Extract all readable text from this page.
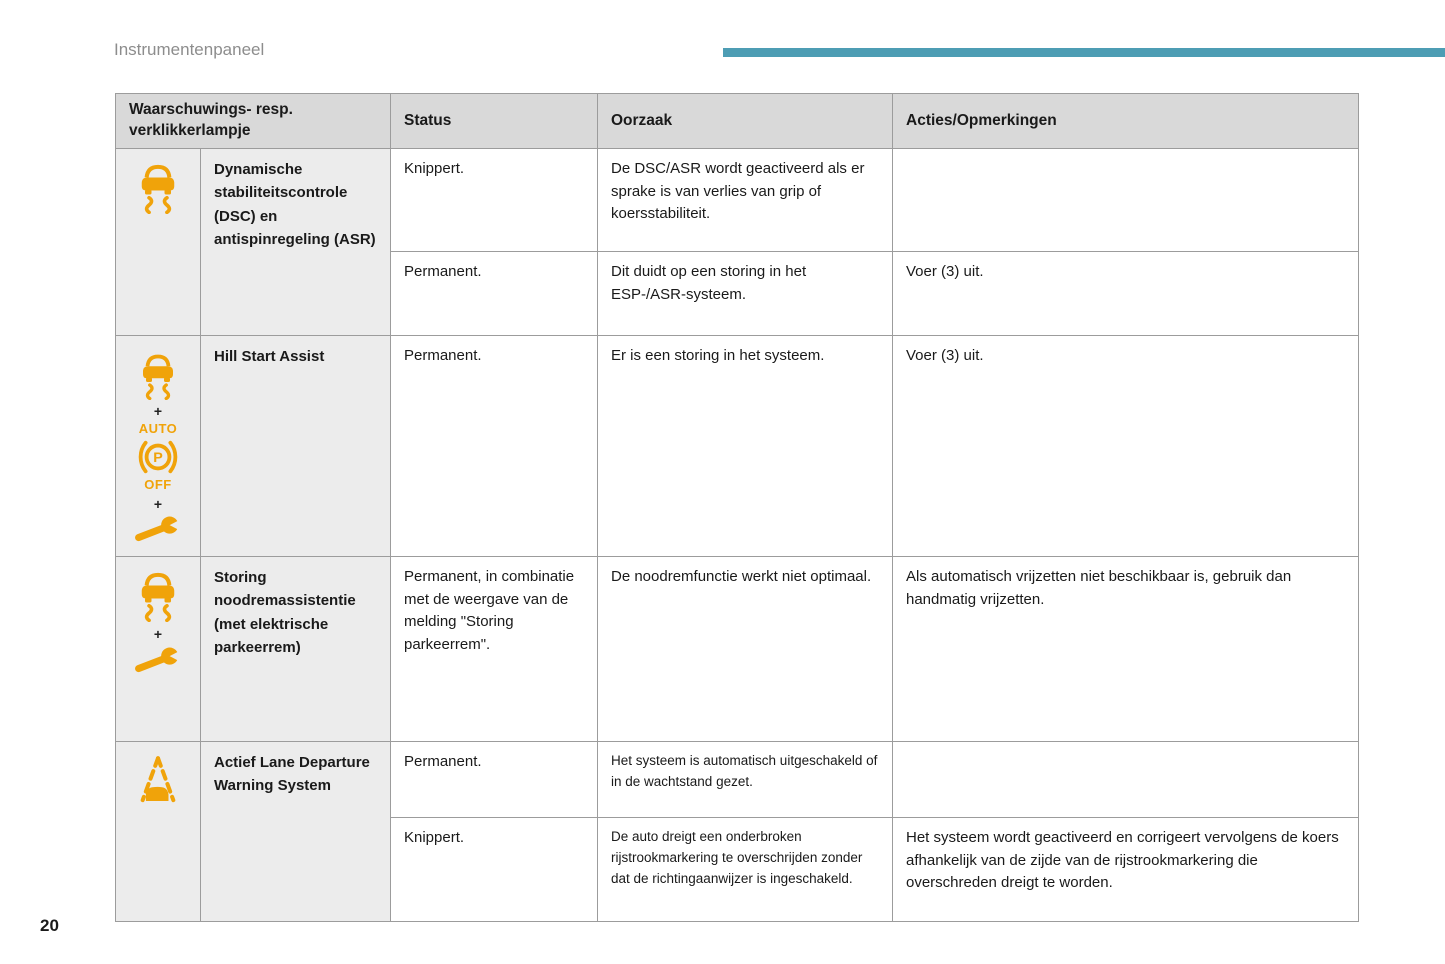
Instrumentenpaneel
Waarschuwings- resp. verklikkerlampje		Status	Oorzaak	Acties/Opmerkingen

	Dynamische stabiliteitscontrole (DSC) en antispinregeling (ASR)	Knippert.	De DSC/ASR wordt geactiveerd als er sprake is van verlies van grip of koersstabiliteit.	
		Permanent.	Dit duidt op een storing in het ESP-/ASR-systeem.	Voer (3) uit.

+
AUTO
P
OFF
+	Hill Start Assist	Permanent.	Er is een storing in het systeem.	Voer (3) uit.

+	Storing noodremassistentie (met elektrische parkeerrem)	Permanent, in combinatie met de weergave van de melding "Storing parkeerrem".	De noodremfunctie werkt niet optimaal.	Als automatisch vrijzetten niet beschikbaar is, gebruik dan handmatig vrijzetten.

	Actief Lane Departure Warning System	Permanent.	Het systeem is automatisch uitgeschakeld of in de wachtstand gezet.	
		Knippert.	De auto dreigt een onderbroken rijstrookmarkering te overschrijden zonder dat de richtingaanwijzer is ingeschakeld.	Het systeem wordt geactiveerd en corrigeert vervolgens de koers afhankelijk van de zijde van de rijstrookmarkering die overschreden dreigt te worden.
20
